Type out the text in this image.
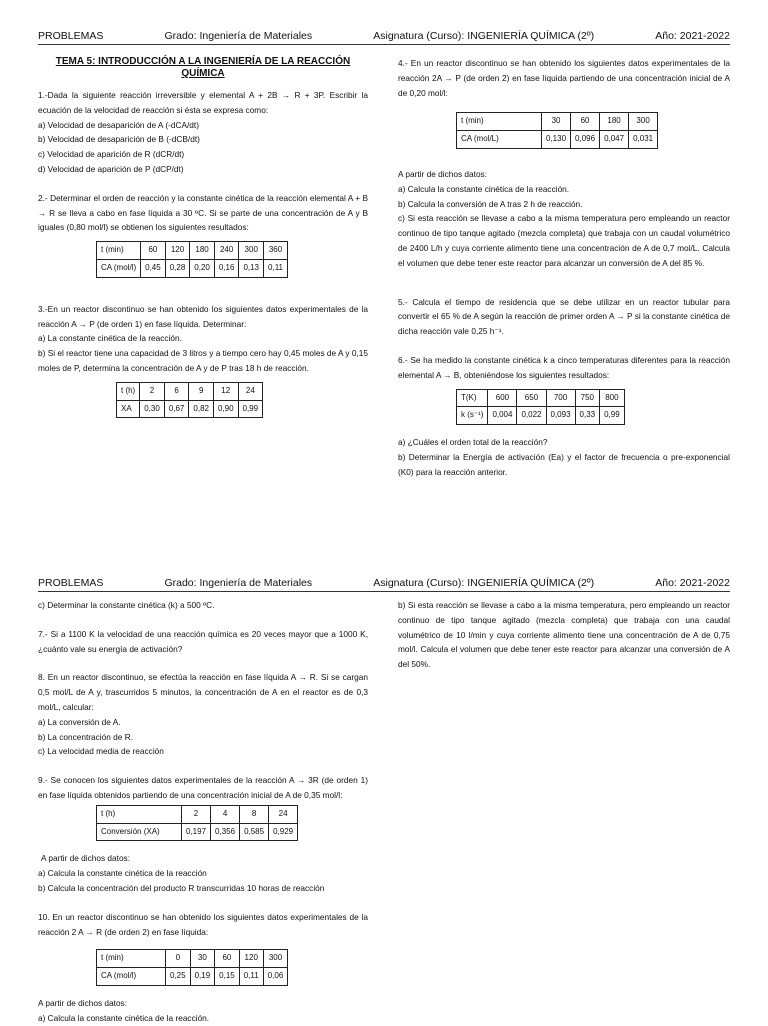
PROBLEMAS	Grado: Ingeniería de Materiales	Asignatura (Curso): INGENIERÍA QUÍMICA (2º)	Año: 2021-2022
TEMA 5: INTRODUCCIÓN A LA INGENIERÍA DE LA REACCIÓN QUÍMICA

1.-Dada la siguiente reacción irreversible y elemental A + 2B → R + 3P. Escribir la ecuación de la velocidad de reacción si ésta se expresa como:

a) Velocidad de desaparición de A (-dCA/dt)

b) Velocidad de desaparición de B (-dCB/dt)

c) Velocidad de aparición de R (dCR/dt)

d) Velocidad de aparición de P (dCP/dt)

2.- Determinar el orden de reacción y la constante cinética de la reacción elemental A + B → R se lleva a cabo en fase líquida a 30 ºC. Si se parte de una concentración de A y B iguales (0,80 mol/l) se obtienen los siguientes resultados:

t (min)	60	120	180	240	300	360
CA (mol/l)	0,45	0,28	0,20	0,16	0,13	0,11

3.-En un reactor discontinuo se han obtenido los siguientes datos experimentales de la reacción A → P (de orden 1) en fase líquida. Determinar:

a) La constante cinética de la reacción.

b) Si el reactor tiene una capacidad de 3 litros y a tiempo cero hay 0,45 moles de A y 0,15 moles de P, determina la concentración de A y de P tras 18 h de reacción.

t (h)	2	6	9	12	24
XA	0,30	0,67	0,82	0,90	0,99

4.- En un reactor discontinuo se han obtenido los siguientes datos experimentales de la reacción 2A → P (de orden 2) en fase líquida partiendo de una concentración inicial de A de 0,20 mol/l:

t (min)	30	60	180	300
CA (mol/L)	0,130	0,096	0,047	0,031

A partir de dichos datos:

a) Calcula la constante cinética de la reacción.

b) Calcula la conversión de A tras 2 h de reacción.

c) Si esta reacción se llevase a cabo a la misma temperatura pero empleando un reactor continuo de tipo tanque agitado (mezcla completa) que trabaja con un caudal volumétrico de 2400 L/h y cuya corriente alimento tiene una concentración de A de 0,7 mol/L. Calcula el volumen que debe tener este reactor para alcanzar un conversión de A del 85 %.

5.- Calcula el tiempo de residencia que se debe utilizar en un reactor tubular para convertir el 65 % de A según la reacción de primer orden A → P si la constante cinética de dicha reacción vale 0,25 h⁻¹.

6.- Se ha medido la constante cinética k a cinco temperaturas diferentes para la reacción elemental A → B, obteniéndose los siguientes resultados:

T(K)	600	650	700	750	800
k (s⁻¹)	0,004	0,022	0,093	0,33	0,99

a) ¿Cuáles el orden total de la reacción?

b) Determinar la Energía de activación (Ea) y el factor de frecuencia o pre-exponencial (K0) para la reacción anterior.

PROBLEMAS	Grado: Ingeniería de Materiales	Asignatura (Curso): INGENIERÍA QUÍMICA (2º)	Año: 2021-2022

c) Determinar la constante cinética (k) a 500 ºC.

7.- Si a 1100 K la velocidad de una reacción química es 20 veces mayor que a 1000 K, ¿cuánto vale su energía de activación?

8. En un reactor discontinuo, se efectúa la reacción en fase líquida A → R. Si se cargan 0,5 mol/L de A y, trascurridos 5 minutos, la concentración de A en el reactor es de 0,3 mol/L, calcular:

a) La conversión de A.

b) La concentración de R.

c) La velocidad media de reacción

9.- Se conocen los siguientes datos experimentales de la reacción A → 3R (de orden 1) en fase líquida obtenidos partiendo de una concentración inicial de A de 0,35 mol/l:

t (h)	2	4	8	24
Conversión (XA)	0,197	0,356	0,585	0,929

A partir de dichos datos:

a) Calcula la constante cinética de la reacción

b) Calcula la concentración del producto R transcurridas 10 horas de reacción

10. En un reactor discontinuo se han obtenido los siguientes datos experimentales de la reacción 2 A → R (de orden 2) en fase líquida:

t (min)	0	30	60	120	300
CA (mol/l)	0,25	0,19	0,15	0,11	0,06

A partir de dichos datos:

a) Calcula la constante cinética de la reacción.

b) Si esta reacción se llevase a cabo a la misma temperatura, pero empleando un reactor continuo de tipo tanque agitado (mezcla completa) que trabaja con una caudal volumétrico de 10 l/min y cuya corriente alimento tiene una concentración de A de 0,75 mol/l. Calcula el volumen que debe tener este reactor para alcanzar una conversión de A del 50%.
